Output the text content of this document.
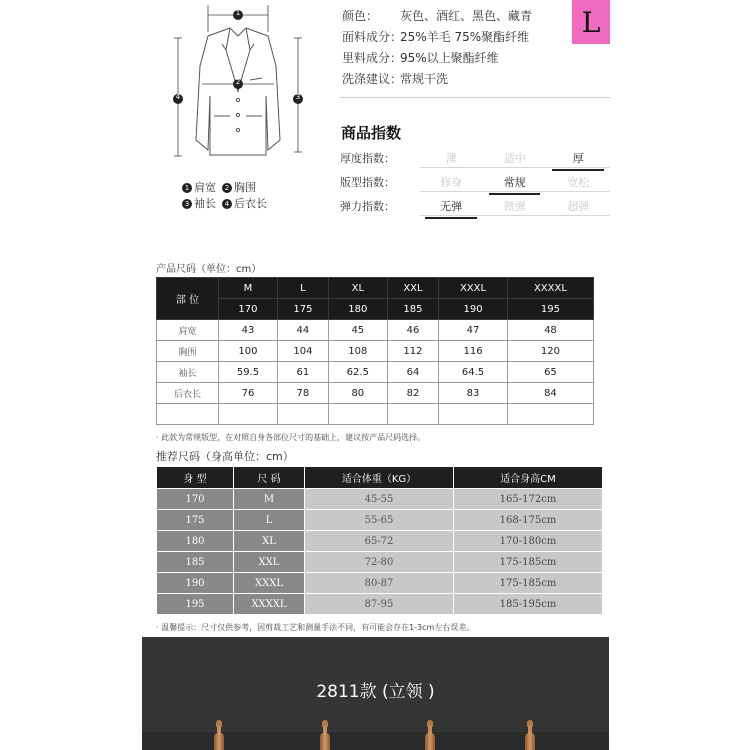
1
2
3
4
1 肩宽	2 胸围
3 袖长	4 后衣长
颜色： 灰色、酒红、黑色、藏青
面料成分：25%羊毛 75%聚酯纤维
里料成分：95%以上聚酯纤维
洗涤建议：常规干洗
L
商品指数
厚度指数：	薄	适中	厚
版型指数：	修身	常规	宽松
弹力指数：	无弹	微弹	超弹
产品尺码（单位：cm）
部 位	M	L	XL	XXL	XXXL	XXXXL
	170	175	180	185	190	195
肩宽	43	44	45	46	47	48
胸围	100	104	108	112	116	120
袖长	59.5	61	62.5	64	64.5	65
后衣长	76	78	80	82	83	84

· 此款为常规版型，在对照自身各部位尺寸的基础上，建议按产品尺码选择。
推荐尺码（身高单位：cm）
身 型	尺 码	适合体重（KG）	适合身高CM
170	M	45-55	165-172cm
175	L	55-65	168-175cm
180	XL	65-72	170-180cm
185	XXL	72-80	175-185cm
190	XXXL	80-87	175-185cm
195	XXXXL	87-95	185-195cm
· 温馨提示：尺寸仅供参考，因剪裁工艺和测量手法不同，有可能会存在1-3cm左右误差。
2811款 (立领 )
